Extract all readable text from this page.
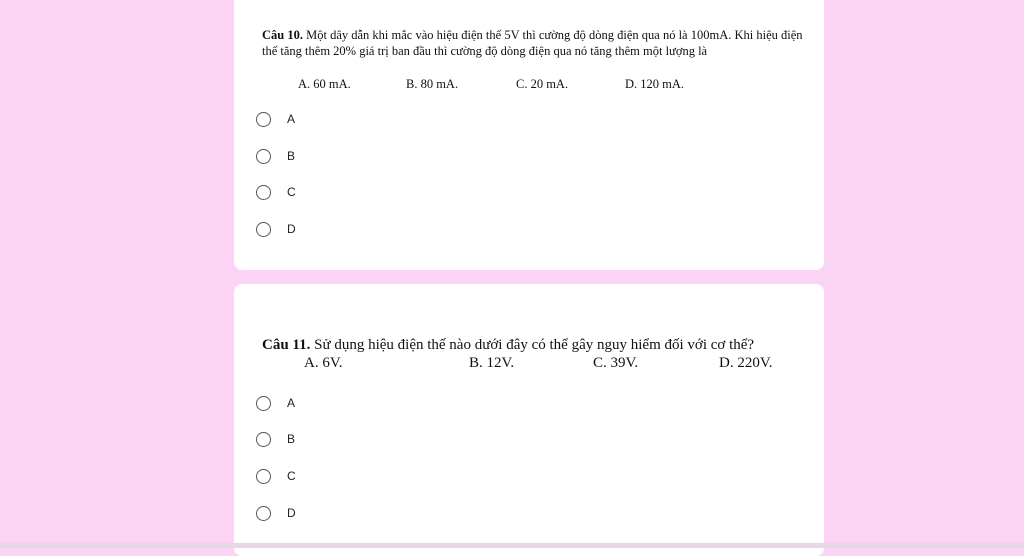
Câu 10. Một dây dẫn khi mắc vào hiệu điện thế 5V thì cường độ dòng điện qua nó là 100mA. Khi hiệu điện thế tăng thêm 20% giá trị ban đầu thì cường độ dòng điện qua nó tăng thêm một lượng là
A. 60 mA.	B. 80 mA.	C. 20 mA.	D. 120 mA.
A
B
C
D
Câu 11. Sử dụng hiệu điện thế nào dưới đây có thể gây nguy hiểm đối với cơ thể?
A. 6V.	B. 12V.	C. 39V.	D. 220V.
A
B
C
D
